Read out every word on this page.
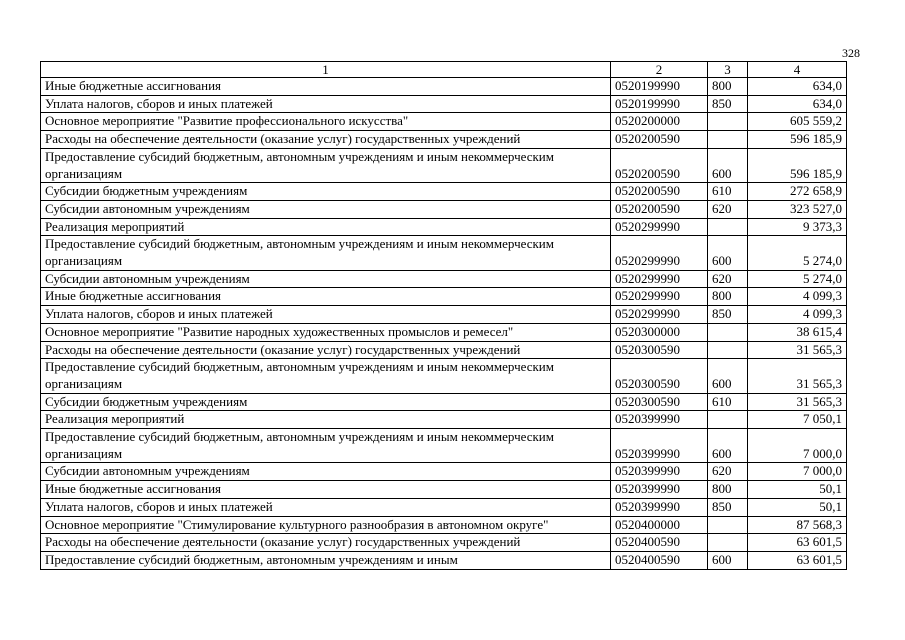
328
1	2	3	4
Иные бюджетные ассигнования	0520199990	800	634,0
Уплата налогов, сборов и иных платежей	0520199990	850	634,0
Основное мероприятие "Развитие профессионального искусства"	0520200000		605 559,2
Расходы на обеспечение деятельности (оказание услуг) государственных учреждений	0520200590		596 185,9
Предоставление субсидий бюджетным, автономным учреждениям и иным некоммерческим организациям	0520200590	600	596 185,9
Субсидии бюджетным учреждениям	0520200590	610	272 658,9
Субсидии автономным учреждениям	0520200590	620	323 527,0
Реализация мероприятий	0520299990		9 373,3
Предоставление субсидий бюджетным, автономным учреждениям и иным некоммерческим организациям	0520299990	600	5 274,0
Субсидии автономным учреждениям	0520299990	620	5 274,0
Иные бюджетные ассигнования	0520299990	800	4 099,3
Уплата налогов, сборов и иных платежей	0520299990	850	4 099,3
Основное мероприятие "Развитие народных художественных промыслов и ремесел"	0520300000		38 615,4
Расходы на обеспечение деятельности (оказание услуг) государственных учреждений	0520300590		31 565,3
Предоставление субсидий бюджетным, автономным учреждениям и иным некоммерческим организациям	0520300590	600	31 565,3
Субсидии бюджетным учреждениям	0520300590	610	31 565,3
Реализация мероприятий	0520399990		7 050,1
Предоставление субсидий бюджетным, автономным учреждениям и иным некоммерческим организациям	0520399990	600	7 000,0
Субсидии автономным учреждениям	0520399990	620	7 000,0
Иные бюджетные ассигнования	0520399990	800	50,1
Уплата налогов, сборов и иных платежей	0520399990	850	50,1
Основное мероприятие "Стимулирование культурного разнообразия в автономном округе"	0520400000		87 568,3
Расходы на обеспечение деятельности (оказание услуг) государственных учреждений	0520400590		63 601,5
Предоставление субсидий бюджетным, автономным учреждениям и иным	0520400590	600	63 601,5
